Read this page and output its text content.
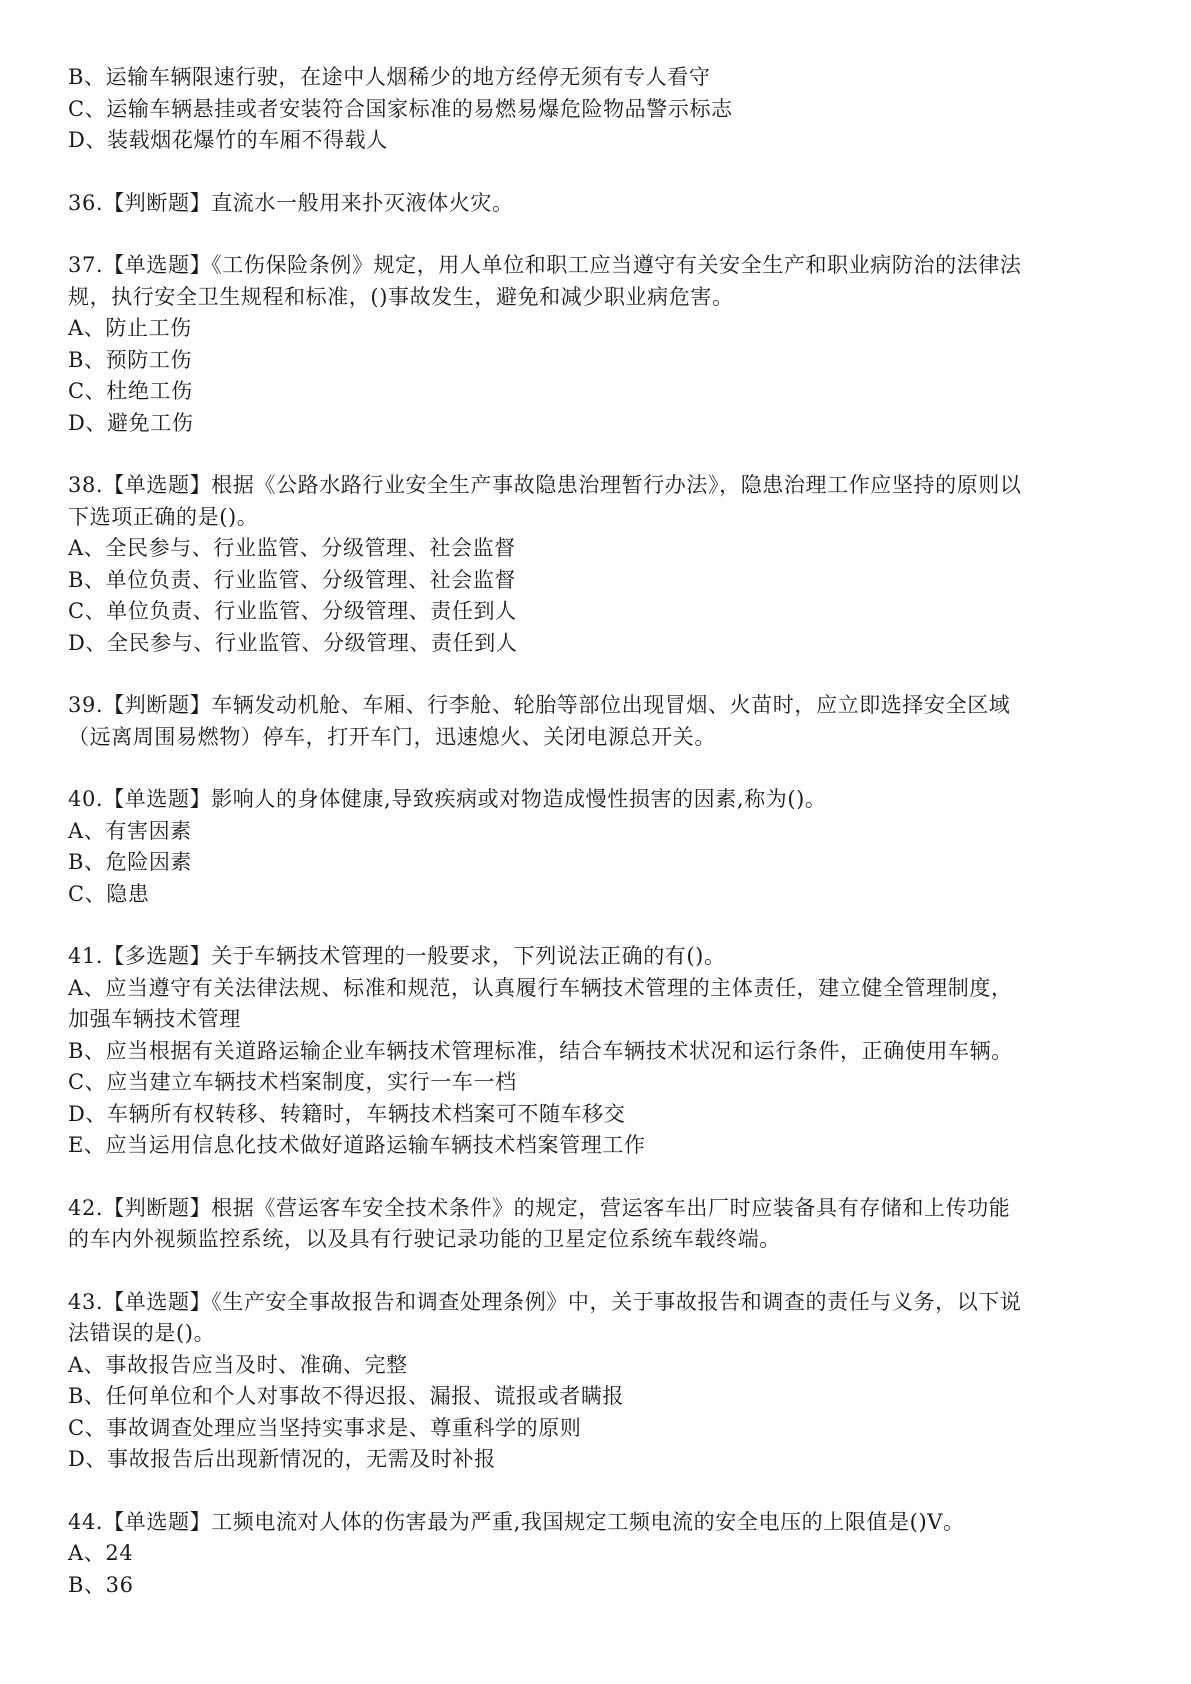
B、运输车辆限速行驶，在途中人烟稀少的地方经停无须有专人看守
C、运输车辆悬挂或者安装符合国家标准的易燃易爆危险物品警示标志
D、装载烟花爆竹的车厢不得载人
36.【判断题】直流水一般用来扑灭液体火灾。
37.【单选题】《工伤保险条例》规定，用人单位和职工应当遵守有关安全生产和职业病防治的法律法
规，执行安全卫生规程和标准，()事故发生，避免和减少职业病危害。
A、防止工伤
B、预防工伤
C、杜绝工伤
D、避免工伤
38.【单选题】根据《公路水路行业安全生产事故隐患治理暂行办法》，隐患治理工作应坚持的原则以
下选项正确的是()。
A、全民参与、行业监管、分级管理、社会监督
B、单位负责、行业监管、分级管理、社会监督
C、单位负责、行业监管、分级管理、责任到人
D、全民参与、行业监管、分级管理、责任到人
39.【判断题】车辆发动机舱、车厢、行李舱、轮胎等部位出现冒烟、火苗时，应立即选择安全区域
（远离周围易燃物）停车，打开车门，迅速熄火、关闭电源总开关。
40.【单选题】影响人的身体健康,导致疾病或对物造成慢性损害的因素,称为()。
A、有害因素
B、危险因素
C、隐患
41.【多选题】关于车辆技术管理的一般要求，下列说法正确的有()。
A、应当遵守有关法律法规、标准和规范，认真履行车辆技术管理的主体责任，建立健全管理制度，
加强车辆技术管理
B、应当根据有关道路运输企业车辆技术管理标准，结合车辆技术状况和运行条件，正确使用车辆。
C、应当建立车辆技术档案制度，实行一车一档
D、车辆所有权转移、转籍时，车辆技术档案可不随车移交
E、应当运用信息化技术做好道路运输车辆技术档案管理工作
42.【判断题】根据《营运客车安全技术条件》的规定，营运客车出厂时应装备具有存储和上传功能
的车内外视频监控系统，以及具有行驶记录功能的卫星定位系统车载终端。
43.【单选题】《生产安全事故报告和调查处理条例》中，关于事故报告和调查的责任与义务，以下说
法错误的是()。
A、事故报告应当及时、准确、完整
B、任何单位和个人对事故不得迟报、漏报、谎报或者瞒报
C、事故调查处理应当坚持实事求是、尊重科学的原则
D、事故报告后出现新情况的，无需及时补报
44.【单选题】工频电流对人体的伤害最为严重,我国规定工频电流的安全电压的上限值是()V。
A、24
B、36
